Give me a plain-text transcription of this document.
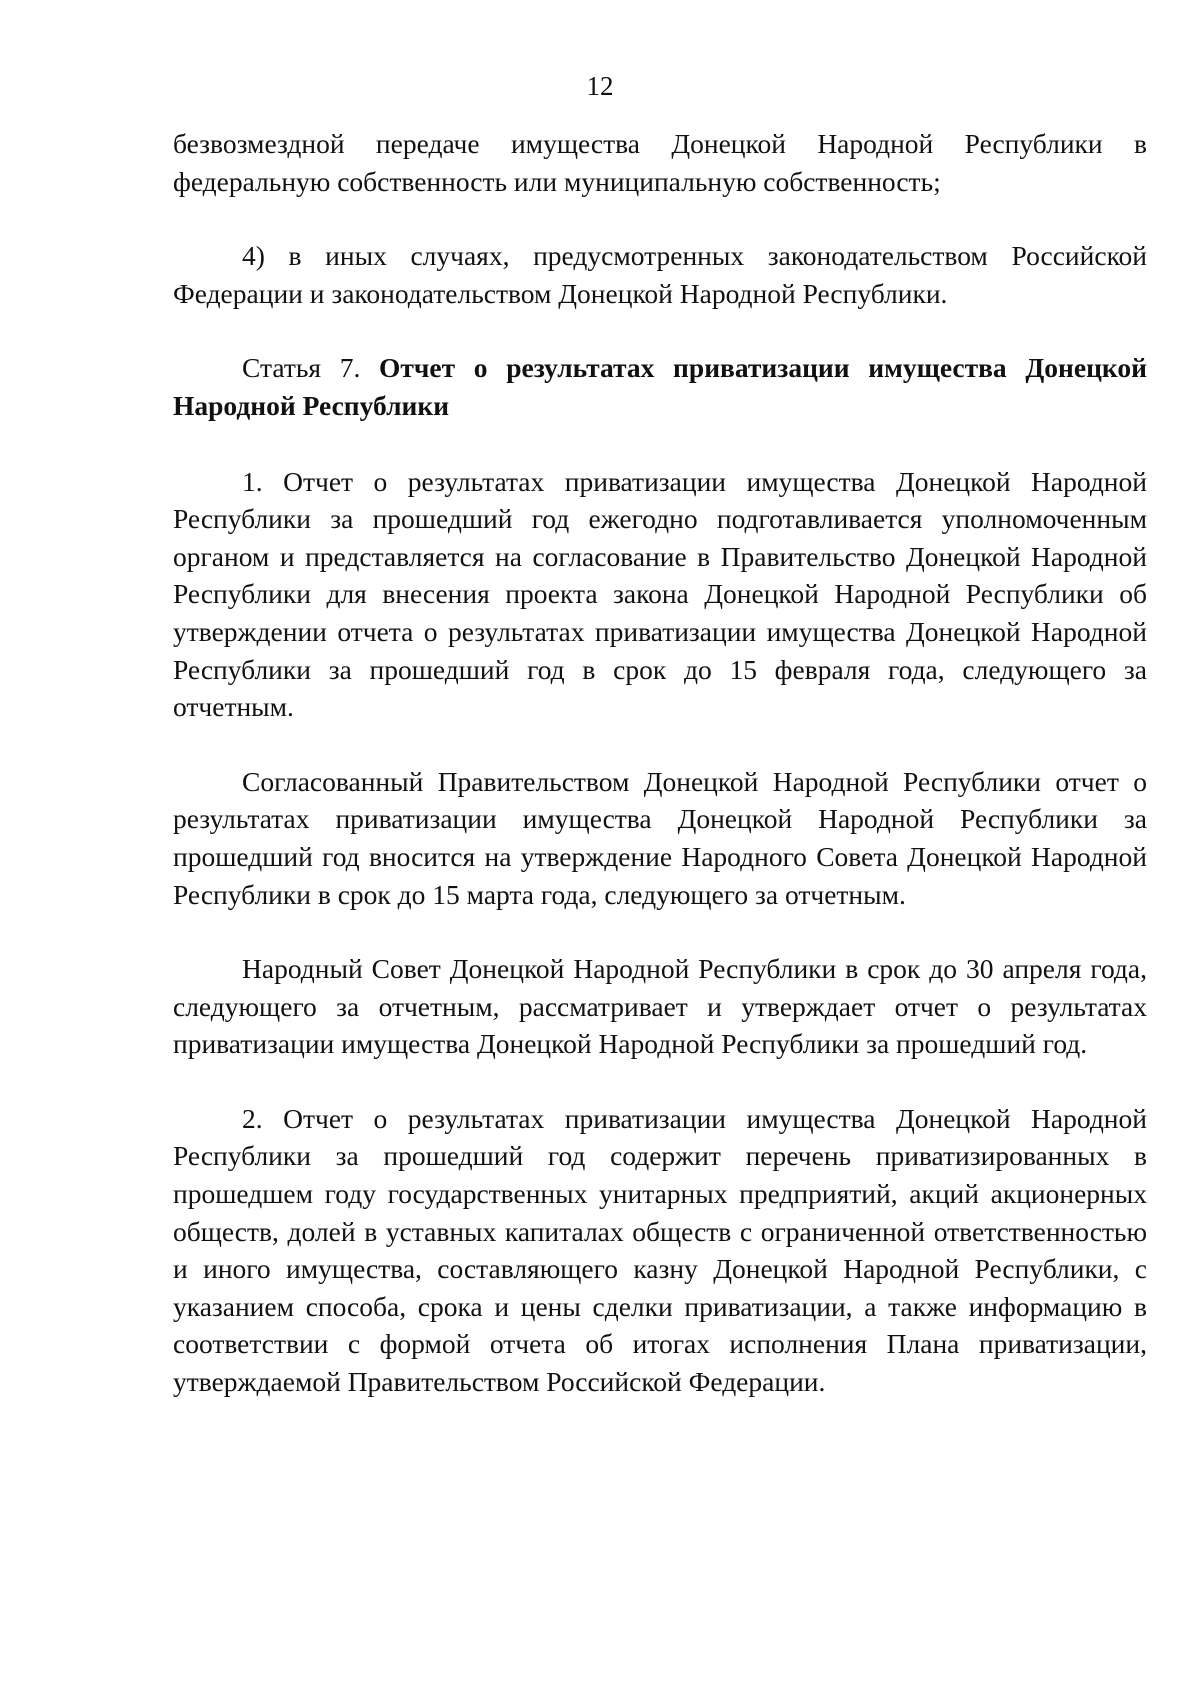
12

безвозмездной передаче имущества Донецкой Народной Республики в федеральную собственность или муниципальную собственность;

4) в иных случаях, предусмотренных законодательством Российской Федерации и законодательством Донецкой Народной Республики.

Статья 7. Отчет о результатах приватизации имущества Донецкой Народной Республики

1. Отчет о результатах приватизации имущества Донецкой Народной Республики за прошедший год ежегодно подготавливается уполномоченным органом и представляется на согласование в Правительство Донецкой Народной Республики для внесения проекта закона Донецкой Народной Республики об утверждении отчета о результатах приватизации имущества Донецкой Народной Республики за прошедший год в срок до 15 февраля года, следующего за отчетным.

Согласованный Правительством Донецкой Народной Республики отчет о результатах приватизации имущества Донецкой Народной Республики за прошедший год вносится на утверждение Народного Совета Донецкой Народной Республики в срок до 15 марта года, следующего за отчетным.

Народный Совет Донецкой Народной Республики в срок до 30 апреля года, следующего за отчетным, рассматривает и утверждает отчет о результатах приватизации имущества Донецкой Народной Республики за прошедший год.

2. Отчет о результатах приватизации имущества Донецкой Народной Республики за прошедший год содержит перечень приватизированных в прошедшем году государственных унитарных предприятий, акций акционерных обществ, долей в уставных капиталах обществ с ограниченной ответственностью и иного имущества, составляющего казну Донецкой Народной Республики, с указанием способа, срока и цены сделки приватизации, а также информацию в соответствии с формой отчета об итогах исполнения Плана приватизации, утверждаемой Правительством Российской Федерации.
